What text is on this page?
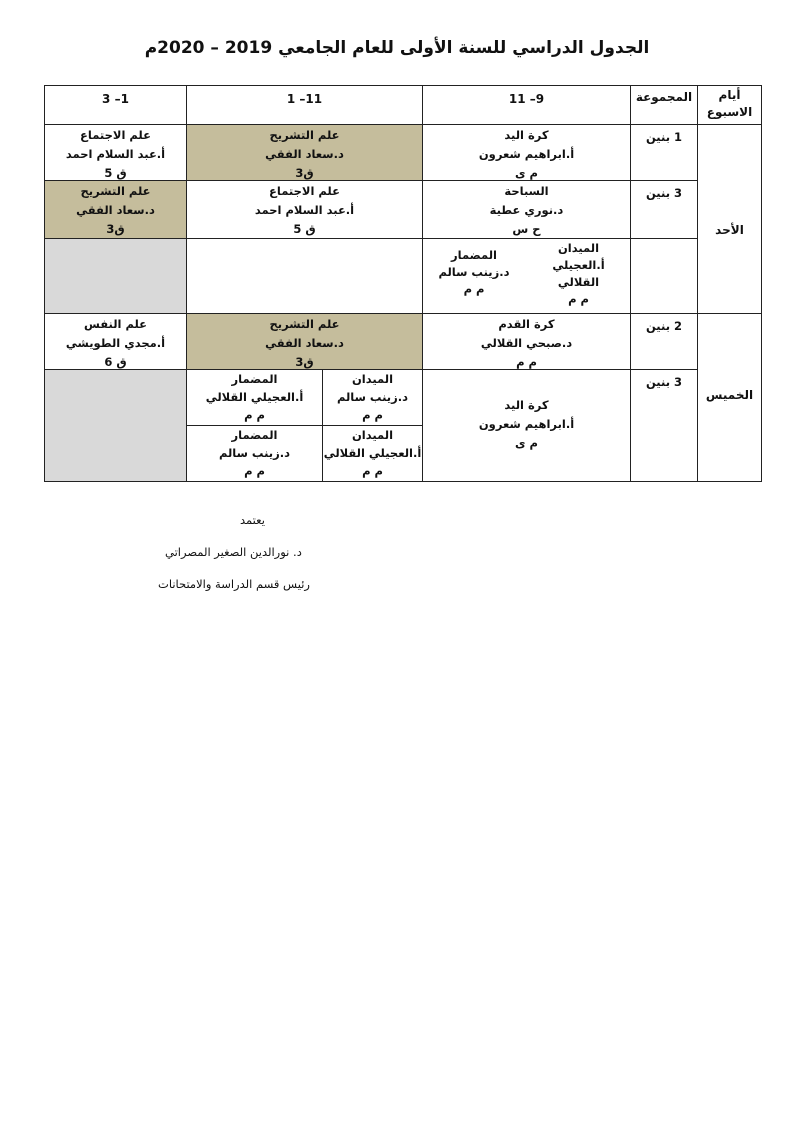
الجدول الدراسي للسنة الأولى للعام الجامعي 2019 – 2020م
أيام الاسبوع
المجموعة
9– 11
11– 1
1– 3
الأحد
الخميس
1 بنين
3 بنين
2 بنين
3 بنين
كرة اليد
أ.ابراهيم شعرون
م ى
علم التشريح
د.سعاد الفقي
ق3
علم الاجتماع
أ.عبد السلام احمد
ق 5
السباحة
د.نوري عطية
ح س
علم الاجتماع
أ.عبد السلام احمد
ق 5
علم التشريح
د.سعاد الفقي
ق3
الميدان
أ.العجيلي
القلالي
م م
المضمار
د.زينب سالم
م م
كرة القدم
د.صبحي القلالي
م م
علم التشريح
د.سعاد الفقي
ق3
علم النفس
أ.مجدي الطويشي
ق 6
كرة اليد
أ.ابراهيم شعرون
م ى
الميدان
د.زينب سالم
م م
المضمار
أ.العجيلي القلالي
م م
الميدان
أ.العجيلي القلالي
م م
المضمار
د.زينب سالم
م م
يعتمد
د. نورالدين الصغير المصراتي
رئيس قسم الدراسة والامتحانات
